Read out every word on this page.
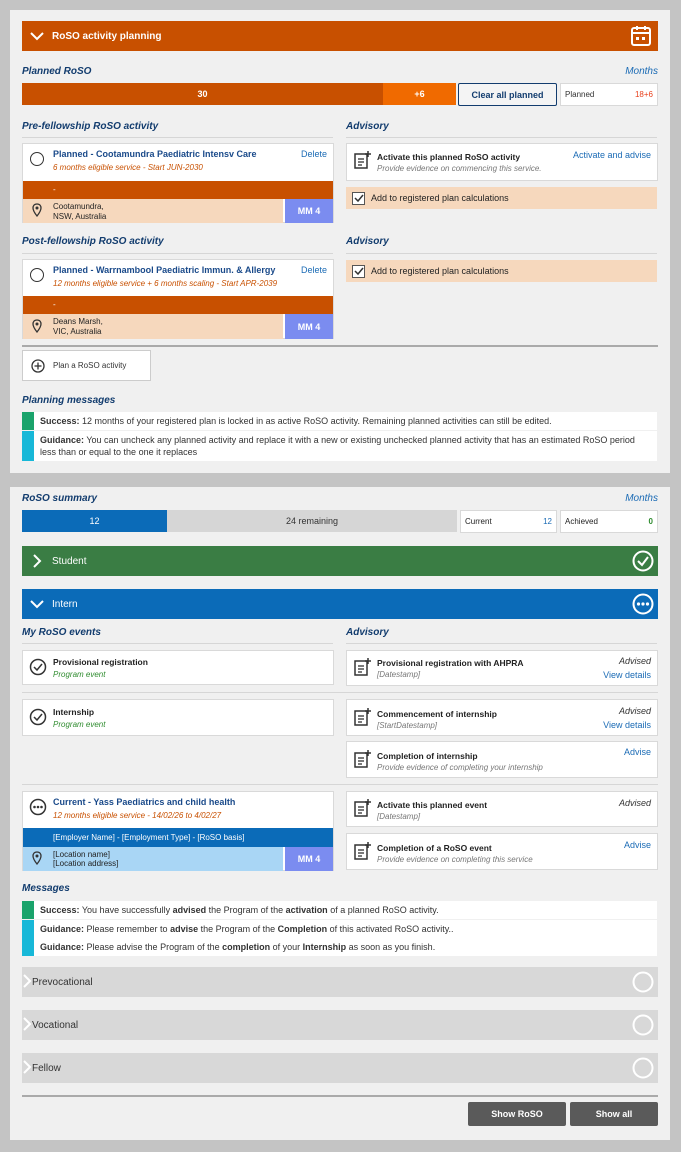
RoSO activity planning
Planned RoSO	Months
30	+6	Clear all planned	Planned	18+6
Pre-fellowship RoSO activity	Advisory
Planned - Cootamundra Paediatric Intensv Care	Delete
6 months eligible service - Start JUN-2030
-
Cootamundra,
NSW, Australia
MM 4
Activate this planned RoSO activity
Provide evidence on commencing this service.
Activate and advise
Add to registered plan calculations
Post-fellowship RoSO activity	Advisory
Planned - Warrnambool Paediatric Immun. & Allergy	Delete
12 months eligible service + 6 months scaling - Start APR-2039
-
Deans Marsh,
VIC, Australia	MM 4
Add to registered plan calculations
Plan a RoSO activity
Planning messages
Success: 12 months of your registered plan is locked in as active RoSO activity. Remaining planned activities can still be edited.
Guidance: You can uncheck any planned activity and replace it with a new or existing unchecked planned activity that has an estimated RoSO period less than or equal to the one it replaces
RoSO summary	Months
12	24 remaining	Current	12 Achieved	0
Student
Intern
My RoSO events	Advisory
Provisional registration
Program event
Provisional registration with AHPRA
[Datestamp]
Advised
View details
Internship
Program event
Commencement of internship
[StartDatestamp]
Advised
View details
Completion of internship
Provide evidence of completing your internship
Advise
Current - Yass Paediatrics and child health
12 months eligible service - 14/02/26 to 4/02/27
[Employer Name] - [Employment Type] - [RoSO basis]
[Location name]
[Location address]	MM 4
Activate this planned event
[Datestamp]
Advised
Completion of a RoSO event
Provide evidence on completing this service
Advise
Messages
Success: You have successfully advised the Program of the activation of a planned RoSO activity.
Guidance: Please remember to advise the Program of the Completion of this activated RoSO activity..
Guidance: Please advise the Program of the completion of your Internship as soon as you finish.
Prevocational
Vocational
Fellow
Show RoSO	Show all
